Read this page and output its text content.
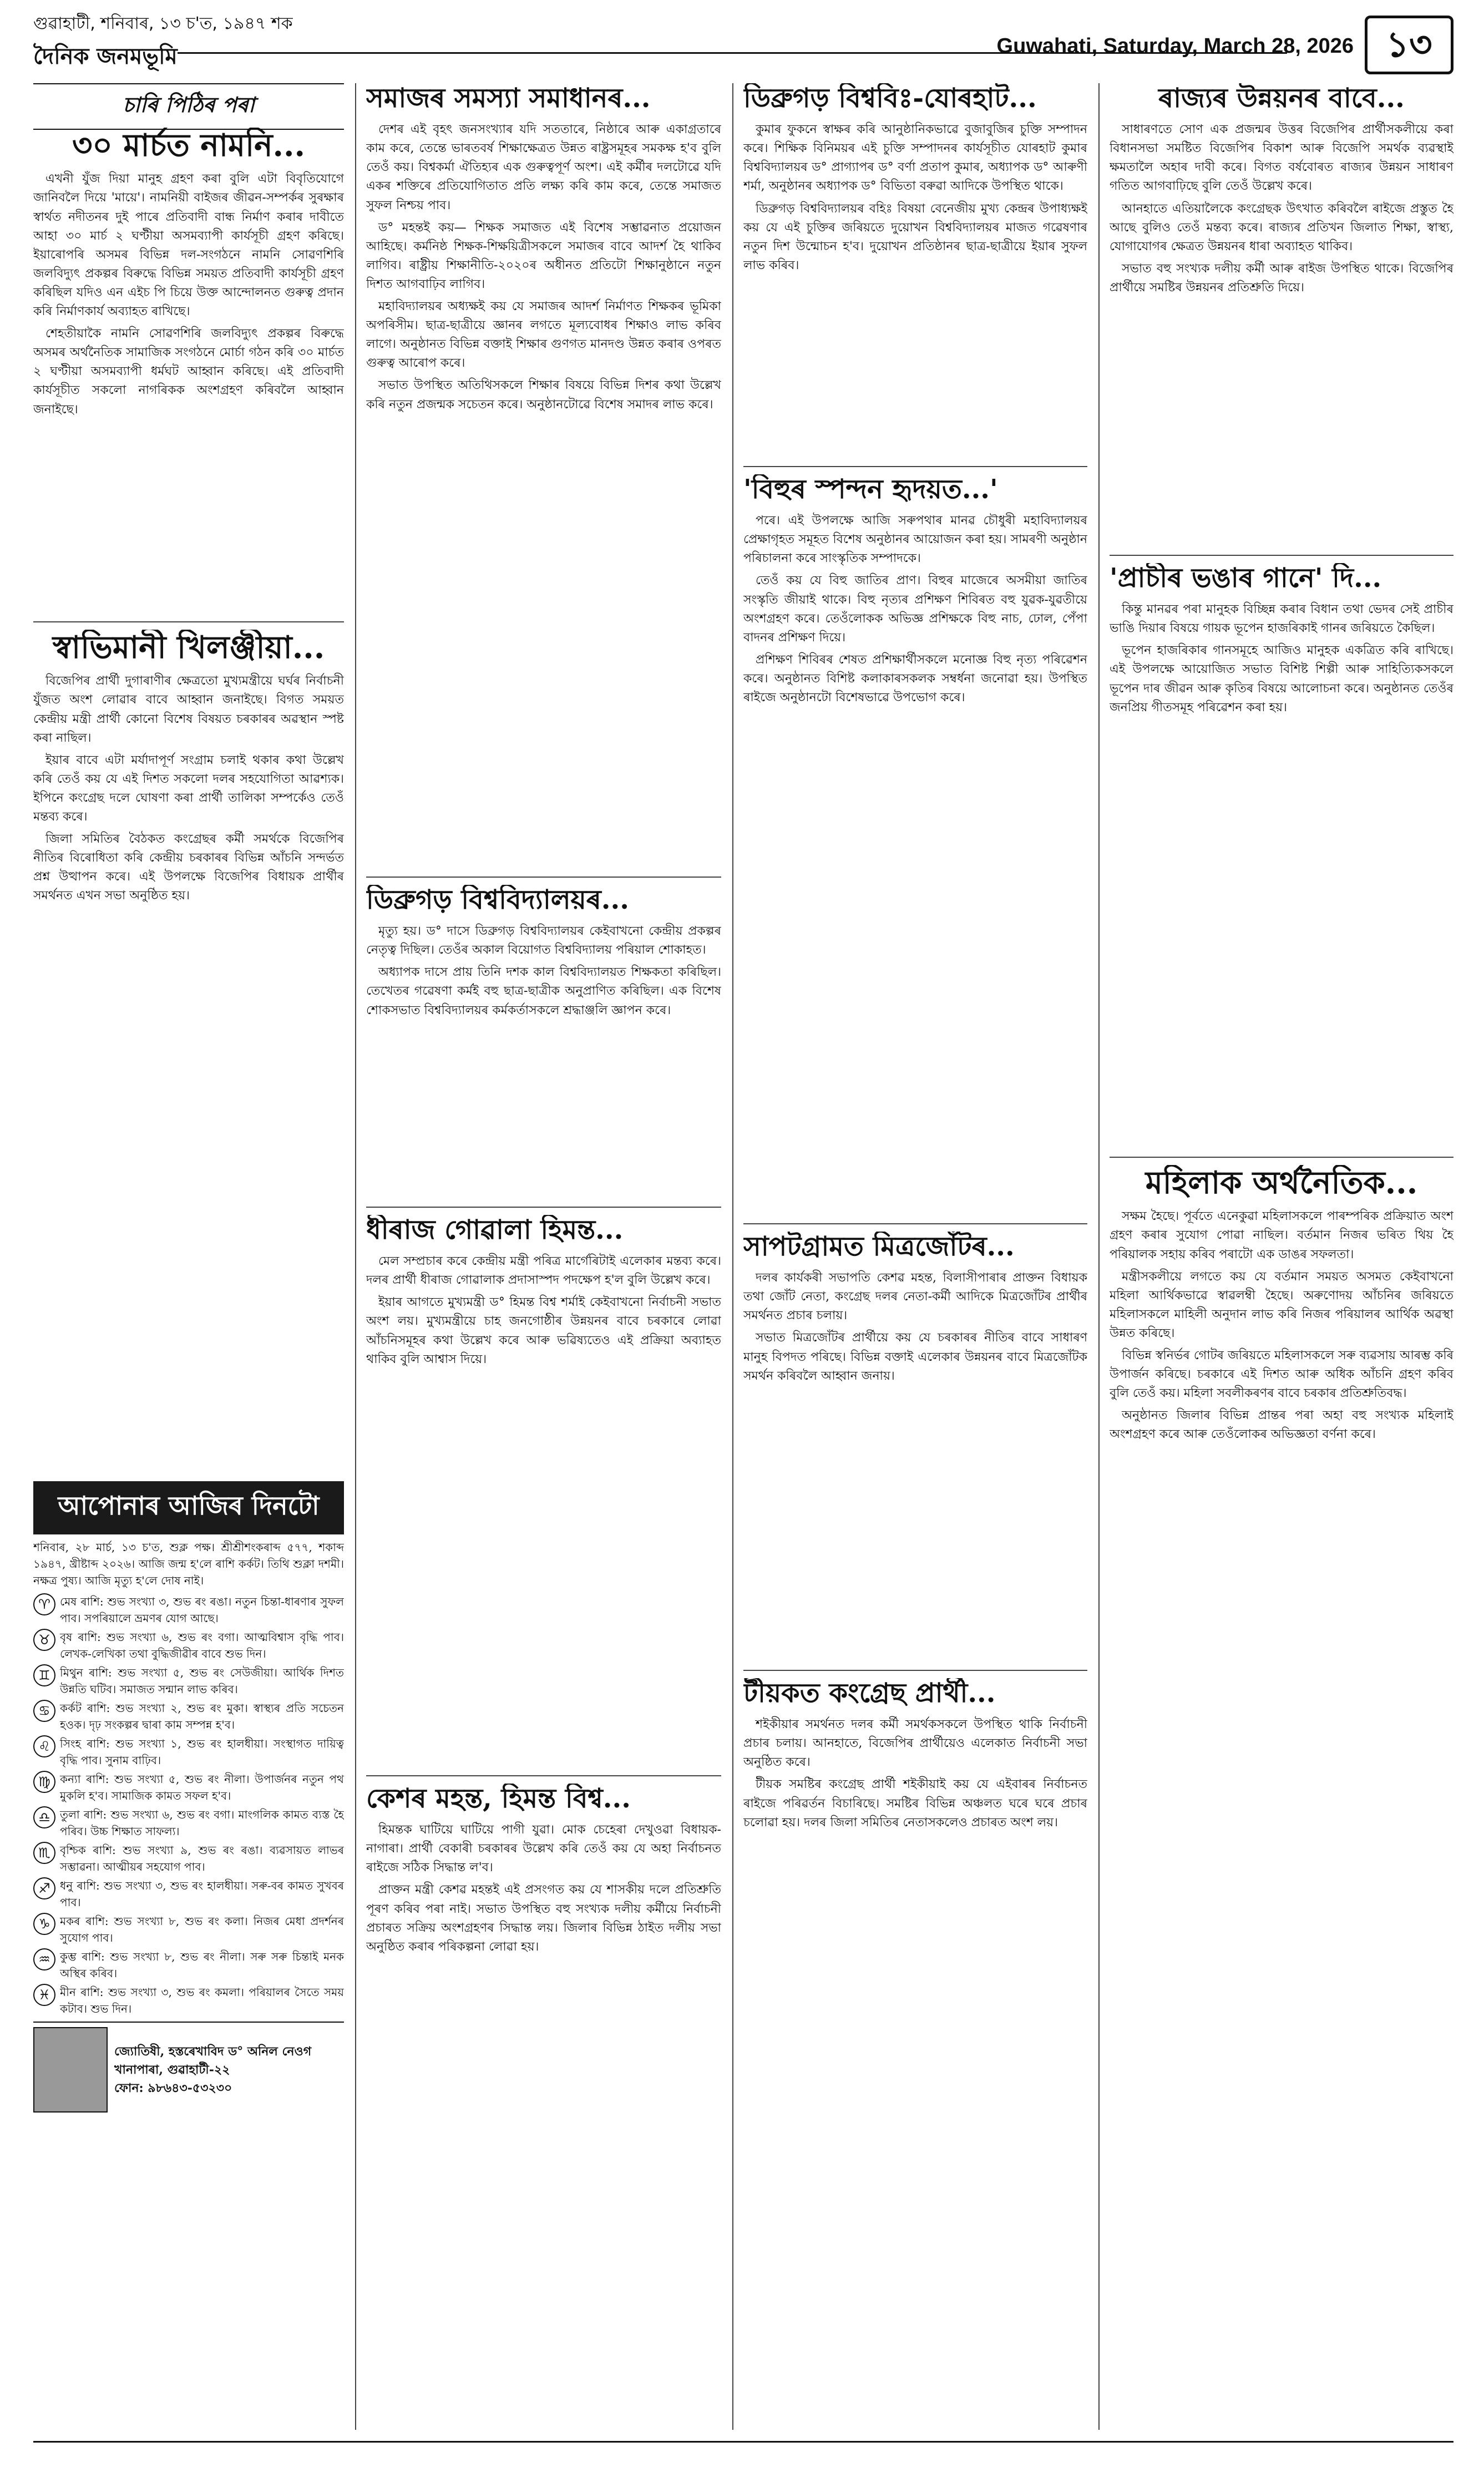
গুৱাহাটী, শনিবাৰ, ১৩ চ'ত, ১৯৪৭ শক
দৈনিক জনমভূমি	Guwahati, Saturday, March 28, 2026 ১৩
চাৰি পিঠিৰ পৰা
৩০ মাৰ্চত নামনি...

এখনী যুঁজ দিয়া মানুহ গ্ৰহণ কৰা বুলি এটা বিবৃতিযোগে জানিবলৈ দিয়ে 'মায়ে'। নামনিয়ী বাইজৰ জীৱন-সম্পৰ্কৰ সুৰক্ষাৰ স্বাৰ্থত নদীতনৰ দুই পাৰে প্ৰতিবাদী বান্ধ নিৰ্মাণ কৰাৰ দাবীতে আহা ৩০ মাৰ্চ ২ ঘণ্টীয়া অসমব্যাপী কাৰ্যসূচী গ্ৰহণ কৰিছে। ইয়াৰোপৰি অসমৰ বিভিন্ন দল-সংগঠনে নামনি সোৱণশিৰি জলবিদ্যুৎ প্ৰকল্পৰ বিৰুদ্ধে বিভিন্ন সময়ত প্ৰতিবাদী কাৰ্যসূচী গ্ৰহণ কৰিছিল যদিও এন এইচ পি চিয়ে উক্ত আন্দোলনত গুৰুত্ব প্ৰদান কৰি নিৰ্মাণকাৰ্য অব্যাহত ৰাখিছে।

শেহতীয়াকৈ নামনি সোৱণশিৰি জলবিদ্যুৎ প্ৰকল্পৰ বিৰুদ্ধে অসমৰ অৰ্থনৈতিক সামাজিক সংগঠনে মোৰ্চা গঠন কৰি ৩০ মাৰ্চত ২ ঘণ্টীয়া অসমব্যাপী ধৰ্মঘট আহ্বান কৰিছে। এই প্ৰতিবাদী কাৰ্যসূচীত সকলো নাগৰিকক অংশগ্ৰহণ কৰিবলৈ আহ্বান জনাইছে।

স্বাভিমানী খিলঞ্জীয়া...

বিজেপিৰ প্ৰাৰ্থী দুগাৰাণীৰ ক্ষেত্ৰতো মুখ্যমন্ত্ৰীয়ে ঘৰ্ঘৰ নিৰ্বাচনী যুঁজত অংশ লোৱাৰ বাবে আহ্বান জনাইছে। বিগত সময়ত কেন্দ্ৰীয় মন্ত্ৰী প্ৰাৰ্থী কোনো বিশেষ বিষয়ত চৰকাৰৰ অৱস্থান স্পষ্ট কৰা নাছিল।

ইয়াৰ বাবে এটা মৰ্যাদাপূৰ্ণ সংগ্ৰাম চলাই থকাৰ কথা উল্লেখ কৰি তেওঁ কয় যে এই দিশত সকলো দলৰ সহযোগিতা আৱশ্যক। ইপিনে কংগ্ৰেছ দলে ঘোষণা কৰা প্ৰাৰ্থী তালিকা সম্পৰ্কেও তেওঁ মন্তব্য কৰে।

জিলা সমিতিৰ বৈঠকত কংগ্ৰেছৰ কৰ্মী সমৰ্থকে বিজেপিৰ নীতিৰ বিৰোধিতা কৰি কেন্দ্ৰীয় চৰকাৰৰ বিভিন্ন আঁচনি সন্দৰ্ভত প্ৰশ্ন উত্থাপন কৰে। এই উপলক্ষে বিজেপিৰ বিধায়ক প্ৰাৰ্থীৰ সমৰ্থনত এখন সভা অনুষ্ঠিত হয়।

আপোনাৰ আজিৰ দিনটো
শনিবাৰ, ২৮ মাৰ্চ, ১৩ চ'ত, শুক্ল পক্ষ। শ্ৰীশ্ৰীশংকৰাব্দ ৫৭৭, শকাব্দ ১৯৪৭, খ্ৰীষ্টাব্দ ২০২৬। আজি জন্ম হ'লে ৰাশি কৰ্কট। তিথি শুক্লা দশমী। নক্ষত্ৰ পুষ্য। আজি মৃত্যু হ'লে দোষ নাই।
♈ মেষ ৰাশি: শুভ সংখ্যা ৩, শুভ ৰং ৰঙা। নতুন চিন্তা-ধাৰণাৰ সুফল পাব। সপৰিয়ালে ভ্ৰমণৰ যোগ আছে।
♉ বৃষ ৰাশি: শুভ সংখ্যা ৬, শুভ ৰং বগা। আত্মবিশ্বাস বৃদ্ধি পাব। লেখক-লেখিকা তথা বুদ্ধিজীৱীৰ বাবে শুভ দিন।
♊ মিথুন ৰাশি: শুভ সংখ্যা ৫, শুভ ৰং সেউজীয়া। আৰ্থিক দিশত উন্নতি ঘটিব। সমাজত সন্মান লাভ কৰিব।
♋ কৰ্কট ৰাশি: শুভ সংখ্যা ২, শুভ ৰং মুকা। স্বাস্থ্যৰ প্ৰতি সচেতন হওক। দৃঢ় সংকল্পৰ দ্বাৰা কাম সম্পন্ন হ'ব।
♌ সিংহ ৰাশি: শুভ সংখ্যা ১, শুভ ৰং হালধীয়া। সংস্থাগত দায়িত্ব বৃদ্ধি পাব। সুনাম বাঢ়িব।
♍ কন্যা ৰাশি: শুভ সংখ্যা ৫, শুভ ৰং নীলা। উপাৰ্জনৰ নতুন পথ মুকলি হ'ব। সামাজিক কামত সফল হ'ব।
♎ তুলা ৰাশি: শুভ সংখ্যা ৬, শুভ ৰং বগা। মাংগলিক কামত ব্যস্ত হৈ পৰিব। উচ্চ শিক্ষাত সাফল্য।
♏ বৃশ্চিক ৰাশি: শুভ সংখ্যা ৯, শুভ ৰং ৰঙা। ব্যৱসায়ত লাভৰ সম্ভাৱনা। আত্মীয়ৰ সহযোগ পাব।
♐ ধনু ৰাশি: শুভ সংখ্যা ৩, শুভ ৰং হালধীয়া। সৰু-বৰ কামত সুখবৰ পাব।
♑ মকৰ ৰাশি: শুভ সংখ্যা ৮, শুভ ৰং কলা। নিজৰ মেধা প্ৰদৰ্শনৰ সুযোগ পাব।
♒ কুম্ভ ৰাশি: শুভ সংখ্যা ৮, শুভ ৰং নীলা। সৰু সৰু চিন্তাই মনক অস্থিৰ কৰিব।
♓ মীন ৰাশি: শুভ সংখ্যা ৩, শুভ ৰং কমলা। পৰিয়ালৰ সৈতে সময় কটাব। শুভ দিন।
জ্যোতিষী, হস্তৰেখাবিদ ড° অনিল নেওগ
খানাপাৰা, গুৱাহাটী-২২
ফোন: ৯৮৬৪৩-৫৩২৩০
সমাজৰ সমস্যা সমাধানৰ...

দেশৰ এই বৃহৎ জনসংখ্যাৰ যদি সততাৰে, নিষ্ঠাৰে আৰু একাগ্ৰতাৰে কাম কৰে, তেন্তে ভাৰতবৰ্ষ শিক্ষাক্ষেত্ৰত উন্নত ৰাষ্ট্ৰসমূহৰ সমকক্ষ হ'ব বুলি তেওঁ কয়। বিশ্বকৰ্মা ঐতিহ্যৰ এক গুৰুত্বপূৰ্ণ অংশ। এই কৰ্মীৰ দলটোৱে যদি একৰ শক্তিৰে প্ৰতিযোগিতাত প্ৰতি লক্ষ্য কৰি কাম কৰে, তেন্তে সমাজত সুফল নিশ্চয় পাব।

ড° মহন্তই কয়— শিক্ষক সমাজত এই বিশেষ সম্ভাৱনাত প্ৰয়োজন আহিছে। কৰ্মনিষ্ঠ শিক্ষক-শিক্ষয়িত্ৰীসকলে সমাজৰ বাবে আদৰ্শ হৈ থাকিব লাগিব। ৰাষ্ট্ৰীয় শিক্ষানীতি-২০২০ৰ অধীনত প্ৰতিটো শিক্ষানুষ্ঠানে নতুন দিশত আগবাঢ়িব লাগিব।

মহাবিদ্যালয়ৰ অধ্যক্ষই কয় যে সমাজৰ আদৰ্শ নিৰ্মাণত শিক্ষকৰ ভূমিকা অপৰিসীম। ছাত্ৰ-ছাত্ৰীয়ে জ্ঞানৰ লগতে মূল্যবোধৰ শিক্ষাও লাভ কৰিব লাগে। অনুষ্ঠানত বিভিন্ন বক্তাই শিক্ষাৰ গুণগত মানদণ্ড উন্নত কৰাৰ ওপৰত গুৰুত্ব আৰোপ কৰে।

সভাত উপস্থিত অতিথিসকলে শিক্ষাৰ বিষয়ে বিভিন্ন দিশৰ কথা উল্লেখ কৰি নতুন প্ৰজন্মক সচেতন কৰে। অনুষ্ঠানটোৱে বিশেষ সমাদৰ লাভ কৰে।

ডিব্ৰুগড় বিশ্ববিদ্যালয়ৰ...

মৃত্যু হয়। ড° দাসে ডিব্ৰুগড় বিশ্ববিদ্যালয়ৰ কেইবাখনো কেন্দ্ৰীয় প্ৰকল্পৰ নেতৃত্ব দিছিল। তেওঁৰ অকাল বিয়োগত বিশ্ববিদ্যালয় পৰিয়াল শোকাহত।

অধ্যাপক দাসে প্ৰায় তিনি দশক কাল বিশ্ববিদ্যালয়ত শিক্ষকতা কৰিছিল। তেখেতৰ গৱেষণা কৰ্মই বহু ছাত্ৰ-ছাত্ৰীক অনুপ্ৰাণিত কৰিছিল। এক বিশেষ শোকসভাত বিশ্ববিদ্যালয়ৰ কৰ্মকৰ্তাসকলে শ্ৰদ্ধাঞ্জলি জ্ঞাপন কৰে।

ধীৰাজ গোৱালা হিমন্ত...

মেল সম্প্ৰচাৰ কৰে কেন্দ্ৰীয় মন্ত্ৰী পৰিত্ৰ মাৰ্গেৰিটাই এলেকাৰ মন্তব্য কৰে। দলৰ প্ৰাৰ্থী ধীৰাজ গোৱালাক প্ৰদাসাস্পদ পদক্ষেপ হ'ল বুলি উল্লেখ কৰে।

ইয়াৰ আগতে মুখ্যমন্ত্ৰী ড° হিমন্ত বিশ্ব শৰ্মাই কেইবাখনো নিৰ্বাচনী সভাত অংশ লয়। মুখ্যমন্ত্ৰীয়ে চাহ জনগোষ্ঠীৰ উন্নয়নৰ বাবে চৰকাৰে লোৱা আঁচনিসমূহৰ কথা উল্লেখ কৰে আৰু ভৱিষ্যতেও এই প্ৰক্ৰিয়া অব্যাহত থাকিব বুলি আশ্বাস দিয়ে।

কেশৰ মহন্ত, হিমন্ত বিশ্ব...

হিমন্তক ঘাটিয়ে ঘাটিয়ে পাগী যুৱা। মোক চেহেৰা দেখুওৱা বিধায়ক-নাগাৰা। প্ৰাৰ্থী বেকাৰী চৰকাৰৰ উল্লেখ কৰি তেওঁ কয় যে অহা নিৰ্বাচনত ৰাইজে সঠিক সিদ্ধান্ত ল'ব।

প্ৰাক্তন মন্ত্ৰী কেশৱ মহন্তই এই প্ৰসংগত কয় যে শাসকীয় দলে প্ৰতিশ্ৰুতি পূৰণ কৰিব পৰা নাই। সভাত উপস্থিত বহু সংখ্যক দলীয় কৰ্মীয়ে নিৰ্বাচনী প্ৰচাৰত সক্ৰিয় অংশগ্ৰহণৰ সিদ্ধান্ত লয়। জিলাৰ বিভিন্ন ঠাইত দলীয় সভা অনুষ্ঠিত কৰাৰ পৰিকল্পনা লোৱা হয়।

ডিব্ৰুগড় বিশ্ববিঃ-যোৰহাট...

কুমাৰ ফুকনে স্বাক্ষৰ কৰি আনুষ্ঠানিকভাৱে বুজাবুজিৰ চুক্তি সম্পাদন কৰে। শিক্ষিক বিনিময়ৰ এই চুক্তি সম্পাদনৰ কাৰ্যসূচীত যোৰহাট কুমাৰ বিশ্ববিদ্যালয়ৰ ড° প্ৰাগ্যাপৰ ড° বৰ্ণা প্ৰতাপ কুমাৰ, অধ্যাপক ড° আৰুণী শৰ্মা, অনুষ্ঠানৰ অধ্যাপক ড° বিভিতা বৰুৱা আদিকে উপস্থিত থাকে।

ডিব্ৰুগড় বিশ্ববিদ্যালয়ৰ বহিঃ বিষয়া বেনেজীয় মুখ্য কেন্দ্ৰৰ উপাধ্যক্ষই কয় যে এই চুক্তিৰ জৰিয়তে দুয়োখন বিশ্ববিদ্যালয়ৰ মাজত গৱেষণাৰ নতুন দিশ উন্মোচন হ'ব। দুয়োখন প্ৰতিষ্ঠানৰ ছাত্ৰ-ছাত্ৰীয়ে ইয়াৰ সুফল লাভ কৰিব।

'বিহুৰ স্পন্দন হৃদয়ত...'

পৰে। এই উপলক্ষে আজি সৰুপথাৰ মানৱ চৌধুৰী মহাবিদ্যালয়ৰ প্ৰেক্ষাগৃহত সমূহত বিশেষ অনুষ্ঠানৰ আয়োজন কৰা হয়। সামৰণী অনুষ্ঠান পৰিচালনা কৰে সাংস্কৃতিক সম্পাদকে।

তেওঁ কয় যে বিহু জাতিৰ প্ৰাণ। বিহুৰ মাজেৰে অসমীয়া জাতিৰ সংস্কৃতি জীয়াই থাকে। বিহু নৃত্যৰ প্ৰশিক্ষণ শিবিৰত বহু যুৱক-যুৱতীয়ে অংশগ্ৰহণ কৰে। তেওঁলোকক অভিজ্ঞ প্ৰশিক্ষকে বিহু নাচ, ঢোল, পেঁপা বাদনৰ প্ৰশিক্ষণ দিয়ে।

প্ৰশিক্ষণ শিবিৰৰ শেষত প্ৰশিক্ষাৰ্থীসকলে মনোজ্ঞ বিহু নৃত্য পৰিৱেশন কৰে। অনুষ্ঠানত বিশিষ্ট কলাকাৰসকলক সম্বৰ্ধনা জনোৱা হয়। উপস্থিত ৰাইজে অনুষ্ঠানটো বিশেষভাৱে উপভোগ কৰে।

সাপটগ্ৰামত মিত্ৰজোঁটৰ...

দলৰ কাৰ্যকৰী সভাপতি কেশৱ মহন্ত, বিলাসীপাৰাৰ প্ৰাক্তন বিধায়ক তথা জোঁট নেতা, কংগ্ৰেছ দলৰ নেতা-কৰ্মী আদিকে মিত্ৰজোঁটৰ প্ৰাৰ্থীৰ সমৰ্থনত প্ৰচাৰ চলায়।

সভাত মিত্ৰজোঁটৰ প্ৰাৰ্থীয়ে কয় যে চৰকাৰৰ নীতিৰ বাবে সাধাৰণ মানুহ বিপদত পৰিছে। বিভিন্ন বক্তাই এলেকাৰ উন্নয়নৰ বাবে মিত্ৰজোঁটক সমৰ্থন কৰিবলৈ আহ্বান জনায়।

টীয়কত কংগ্ৰেছ প্ৰাৰ্থী...

শইকীয়াৰ সমৰ্থনত দলৰ কৰ্মী সমৰ্থকসকলে উপস্থিত থাকি নিৰ্বাচনী প্ৰচাৰ চলায়। আনহাতে, বিজেপিৰ প্ৰাৰ্থীয়েও এলেকাত নিৰ্বাচনী সভা অনুষ্ঠিত কৰে।

টীয়ক সমষ্টিৰ কংগ্ৰেছ প্ৰাৰ্থী শইকীয়াই কয় যে এইবাৰৰ নিৰ্বাচনত ৰাইজে পৰিৱৰ্তন বিচাৰিছে। সমষ্টিৰ বিভিন্ন অঞ্চলত ঘৰে ঘৰে প্ৰচাৰ চলোৱা হয়। দলৰ জিলা সমিতিৰ নেতাসকলেও প্ৰচাৰত অংশ লয়।

ৰাজ্যৰ উন্নয়নৰ বাবে...

সাধাৰণতে সোণ এক প্ৰজন্মৰ উত্তৰ বিজেপিৰ প্ৰাৰ্থীসকলীয়ে কৰা বিধানসভা সমষ্টিত বিজেপিৰ বিকাশ আৰু বিজেপি সমৰ্থক ব্যৱস্থাই ক্ষমতালৈ অহাৰ দাবী কৰে। বিগত বৰ্ষবোৰত ৰাজ্যৰ উন্নয়ন সাধাৰণ গতিত আগবাঢ়িছে বুলি তেওঁ উল্লেখ কৰে।

আনহাতে এতিয়ালৈকে কংগ্ৰেছক উৎখাত কৰিবলৈ ৰাইজে প্ৰস্তুত হৈ আছে বুলিও তেওঁ মন্তব্য কৰে। ৰাজ্যৰ প্ৰতিখন জিলাত শিক্ষা, স্বাস্থ্য, যোগাযোগৰ ক্ষেত্ৰত উন্নয়নৰ ধাৰা অব্যাহত থাকিব।

সভাত বহু সংখ্যক দলীয় কৰ্মী আৰু ৰাইজ উপস্থিত থাকে। বিজেপিৰ প্ৰাৰ্থীয়ে সমষ্টিৰ উন্নয়নৰ প্ৰতিশ্ৰুতি দিয়ে।

'প্ৰাচীৰ ভঙাৰ গানে' দি...

কিন্তু মানৱৰ পৰা মানুহক বিচ্ছিন্ন কৰাৰ বিধান তথা ভেদৰ সেই প্ৰাচীৰ ভাঙি দিয়াৰ বিষয়ে গায়ক ভূপেন হাজৰিকাই গানৰ জৰিয়তে কৈছিল।

ভূপেন হাজৰিকাৰ গানসমূহে আজিও মানুহক একত্ৰিত কৰি ৰাখিছে। এই উপলক্ষে আয়োজিত সভাত বিশিষ্ট শিল্পী আৰু সাহিত্যিকসকলে ভূপেন দাৰ জীৱন আৰু কৃতিৰ বিষয়ে আলোচনা কৰে। অনুষ্ঠানত তেওঁৰ জনপ্ৰিয় গীতসমূহ পৰিৱেশন কৰা হয়।

মহিলাক অৰ্থনৈতিক...

সক্ষম হৈছে। পূৰ্বতে এনেকুৱা মহিলাসকলে পাৰম্পৰিক প্ৰক্ৰিয়াত অংশ গ্ৰহণ কৰাৰ সুযোগ পোৱা নাছিল। বৰ্তমান নিজৰ ভৰিত থিয় হৈ পৰিয়ালক সহায় কৰিব পৰাটো এক ডাঙৰ সফলতা।

মন্ত্ৰীসকলীয়ে লগতে কয় যে বৰ্তমান সময়ত অসমত কেইবাখনো মহিলা আৰ্থিকভাৱে স্বাৱলম্বী হৈছে। অৰুণোদয় আঁচনিৰ জৰিয়তে মহিলাসকলে মাহিলী অনুদান লাভ কৰি নিজৰ পৰিয়ালৰ আৰ্থিক অৱস্থা উন্নত কৰিছে।

বিভিন্ন স্বনিৰ্ভৰ গোটৰ জৰিয়তে মহিলাসকলে সৰু ব্যৱসায় আৰম্ভ কৰি উপাৰ্জন কৰিছে। চৰকাৰে এই দিশত আৰু অধিক আঁচনি গ্ৰহণ কৰিব বুলি তেওঁ কয়। মহিলা সবলীকৰণৰ বাবে চৰকাৰ প্ৰতিশ্ৰুতিবদ্ধ।

অনুষ্ঠানত জিলাৰ বিভিন্ন প্ৰান্তৰ পৰা অহা বহু সংখ্যক মহিলাই অংশগ্ৰহণ কৰে আৰু তেওঁলোকৰ অভিজ্ঞতা বৰ্ণনা কৰে।
